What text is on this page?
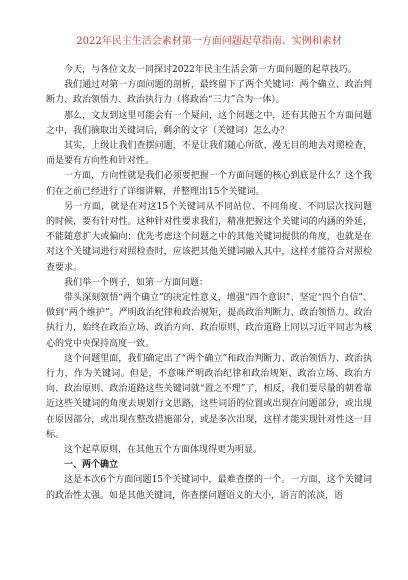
2022年民主生活会素材第一方面问题起草指南、实例和素材

今天，与各位文友一同探讨2022年民主生活会第一方面问题的起草技巧。

我们通过对第一方面问题的剖析，最终留下了两个关键词：两个确立、政治判断力、政治领悟力、政治执行力（将政治“三力”合为一体）。

那么，文友到这里可能会有一个疑问，这个问题之中，还有其他五个方面问题之中，我们摘取出关键词后，剩余的文字（关键词）怎么办？

其实，上级让我们查摆问题，不是让我们随心所欲、漫无目的地去对照检查，而是要有方向性和针对性。

一方面，方向性就是我们必须要把握一个方面问题的核心到底是什么？这个我们在之前已经进行了详细讲解，并整理出15个关键词。

另一方面，就是在对这15个关键词从不同站位、不同角度、不同层次找问题的时候，要有针对性。这种针对性要求我们，精准把握这个关键词的内涵的外延，不能随意扩大或偏向；优先考虑这个问题之中的其他关键词提供的角度，也就是在对这个关键词进行对照检查时，应该把其他关键词融入其中，这样才能符合对照检查要求。

我们举一个例子，如第一方面问题：

带头深刻领悟“两个确立”的决定性意义，增强“四个意识”、坚定“四个自信”、做到“两个维护”。严明政治纪律和政治规矩，提高政治判断力、政治领悟力、政治执行力，始终在政治立场、政治方向、政治原则、政治道路上同以习近平同志为核心的党中央保持高度一致。

这个问题里面，我们确定出了“两个确立”和政治判断力、政治领悟力、政治执行力，作为关键词。但是，不意味严明政治纪律和政治规矩、政治立场、政治方向、政治原则、政治道路这些关键词就“置之不理”了，相反，我们要尽量的朝着靠近这些关键词的角度去规划行文思路，这些词语的位置或出现在问题部分，或出现在原因部分，或出现在整改措施部分，或是多次出现，这样才能实现针对性这一目标。

这个起草原则，在其他五个方面体现得更为明显。

一、两个确立

这是本次6个方面问题15个关键词中，最难查摆的一个。一方面，这个关键词的政治性太强。如是其他关键词，你查摆问题语义的大小，语言的浓淡，语
